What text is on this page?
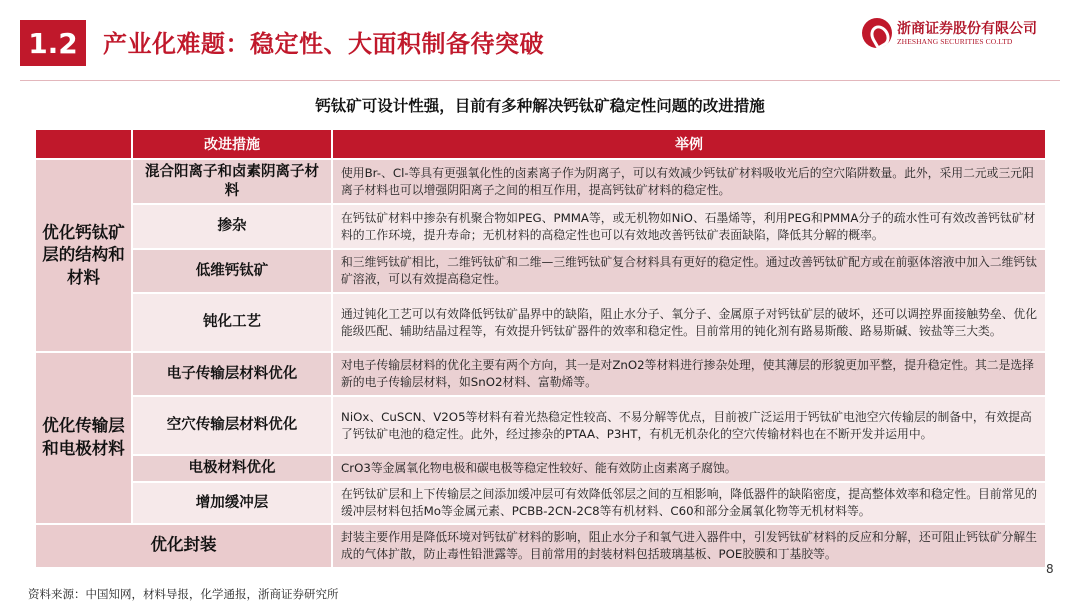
1.2	产业化难题：稳定性、大面积制备待突破
浙商证券股份有限公司
ZHESHANG SECURITIES CO.LTD
钙钛矿可设计性强，目前有多种解决钙钛矿稳定性问题的改进措施
	改进措施	举例
优化钙钛矿层的结构和材料	混合阳离子和卤素阴离子材料	使用Br-、Cl-等具有更强氧化性的卤素离子作为阴离子，可以有效减少钙钛矿材料吸收光后的空穴陷阱数量。此外，采用二元或三元阳离子材料也可以增强阴阳离子之间的相互作用，提高钙钛矿材料的稳定性。
	掺杂	在钙钛矿材料中掺杂有机聚合物如PEG、PMMA等，或无机物如NiO、石墨烯等，利用PEG和PMMA分子的疏水性可有效改善钙钛矿材料的工作环境，提升寿命；无机材料的高稳定性也可以有效地改善钙钛矿表面缺陷，降低其分解的概率。
	低维钙钛矿	和三维钙钛矿相比，二维钙钛矿和二维—三维钙钛矿复合材料具有更好的稳定性。通过改善钙钛矿配方或在前驱体溶液中加入二维钙钛矿溶液，可以有效提高稳定性。
	钝化工艺	通过钝化工艺可以有效降低钙钛矿晶界中的缺陷，阻止水分子、氧分子、金属原子对钙钛矿层的破坏，还可以调控界面接触势垒、优化能级匹配、辅助结晶过程等，有效提升钙钛矿器件的效率和稳定性。目前常用的钝化剂有路易斯酸、路易斯碱、铵盐等三大类。
优化传输层和电极材料	电子传输层材料优化	对电子传输层材料的优化主要有两个方向，其一是对ZnO2等材料进行掺杂处理，使其薄层的形貌更加平整，提升稳定性。其二是选择新的电子传输层材料，如SnO2材料、富勒烯等。
	空穴传输层材料优化	NiOx、CuSCN、V2O5等材料有着光热稳定性较高、不易分解等优点，目前被广泛运用于钙钛矿电池空穴传输层的制备中，有效提高了钙钛矿电池的稳定性。此外，经过掺杂的PTAA、P3HT，有机无机杂化的空穴传输材料也在不断开发并运用中。
	电极材料优化	CrO3等金属氧化物电极和碳电极等稳定性较好、能有效防止卤素离子腐蚀。
	增加缓冲层	在钙钛矿层和上下传输层之间添加缓冲层可有效降低邻层之间的互相影响，降低器件的缺陷密度，提高整体效率和稳定性。目前常见的缓冲层材料包括Mo等金属元素、PCBB-2CN-2C8等有机材料、C60和部分金属氧化物等无机材料等。
优化封装		封装主要作用是降低环境对钙钛矿材料的影响，阻止水分子和氧气进入器件中，引发钙钛矿材料的反应和分解，还可阻止钙钛矿分解生成的气体扩散，防止毒性铅泄露等。目前常用的封装材料包括玻璃基板、POE胶膜和丁基胶等。
8
资料来源：中国知网，材料导报，化学通报，浙商证券研究所
